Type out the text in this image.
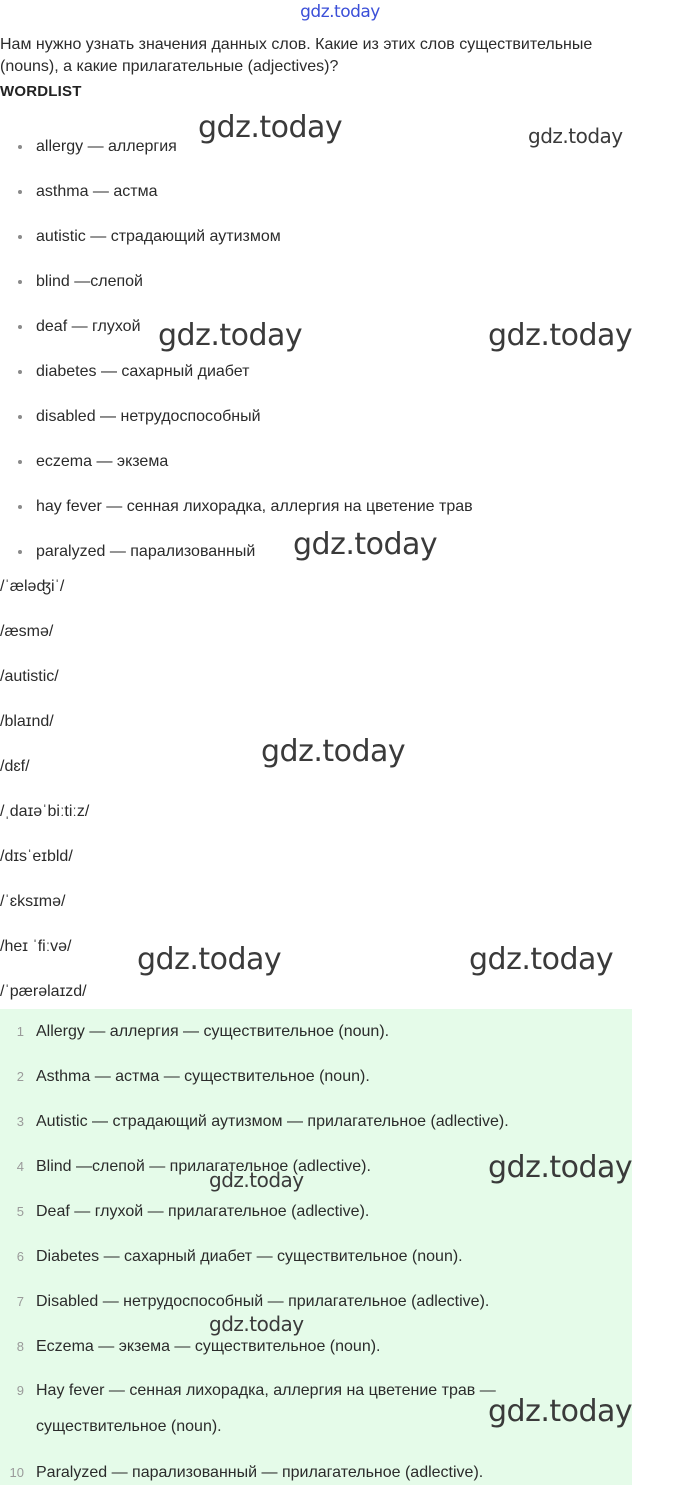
gdz.today
Нам нужно узнать значения данных слов. Какие из этих слов существительные

(nouns), а какие прилагательные (adjectives)?
WORDLIST
allergy — аллергия
asthma — астма
autistic — страдающий аутизмом
blind —слепой
deaf — глухой
diabetes — сахарный диабет
disabled — нетрудоспособный
eczema — экзема
hay fever — сенная лихорадка, аллергия на цветение трав
paralyzed — парализованный
/ˈæləʤiˈ/
/æsmə/
/autistic/
/blaɪnd/
/dɛf/
/ˌdaɪəˈbiːtiːz/
/dɪsˈeɪbld/
/ˈɛksɪmə/
/heɪ ˈfiːvə/
/ˈpærəlaɪzd/
1 Allergy — аллергия — существительное (noun).
2 Asthma — астма — существительное (noun).
3 Autistic — страдающий аутизмом — прилагательное (adlective).
4 Blind —слепой — прилагательное (adlective).
5 Deaf — глухой — прилагательное (adlective).
6 Diabetes — сахарный диабет — существительное (noun).
7 Disabled — нетрудоспособный — прилагательное (adlective).
8 Eczema — экзема — существительное (noun).
9 Hay fever — сенная лихорадка, аллергия на цветение трав —
существительное (noun).
10 Paralyzed — парализованный — прилагательное (adlective).
gdz.today	gdz.today
gdz.today	gdz.today
gdz.today
gdz.today
gdz.today	gdz.today
gdz.today
gdz.today
gdz.today
gdz.today
